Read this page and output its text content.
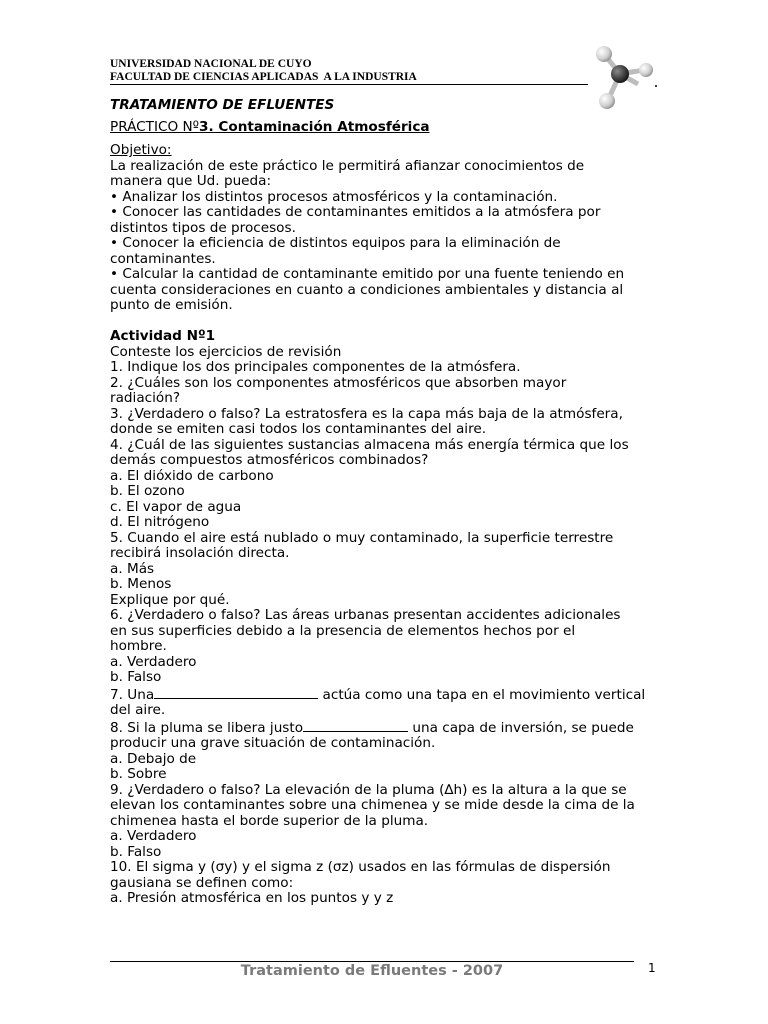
UNIVERSIDAD NACIONAL DE CUYO
FACULTAD DE CIENCIAS APLICADAS  A LA INDUSTRIA
TRATAMIENTO DE EFLUENTES
PRÁCTICO Nº3. Contaminación Atmosférica
Objetivo:
La realización de este práctico le permitirá afianzar conocimientos de
manera que Ud. pueda:
• Analizar los distintos procesos atmosféricos y la contaminación.
• Conocer las cantidades de contaminantes emitidos a la atmósfera por
distintos tipos de procesos.
• Conocer la eficiencia de distintos equipos para la eliminación de
contaminantes.
• Calcular la cantidad de contaminante emitido por una fuente teniendo en
cuenta consideraciones en cuanto a condiciones ambientales y distancia al
punto de emisión.
Actividad Nº1
Conteste los ejercicios de revisión
1. Indique los dos principales componentes de la atmósfera.
2. ¿Cuáles son los componentes atmosféricos que absorben mayor
radiación?
3. ¿Verdadero o falso? La estratosfera es la capa más baja de la atmósfera,
donde se emiten casi todos los contaminantes del aire.
4. ¿Cuál de las siguientes sustancias almacena más energía térmica que los
demás compuestos atmosféricos combinados?
a. El dióxido de carbono
b. El ozono
c. El vapor de agua
d. El nitrógeno
5. Cuando el aire está nublado o muy contaminado, la superficie terrestre
recibirá insolación directa.
a. Más
b. Menos
Explique por qué.
6. ¿Verdadero o falso? Las áreas urbanas presentan accidentes adicionales
en sus superficies debido a la presencia de elementos hechos por el
hombre.
a. Verdadero
b. Falso
7. Una	actúa como una tapa en el movimiento vertical
del aire.
8. Si la pluma se libera justo	una capa de inversión, se puede
producir una grave situación de contaminación.
a. Debajo de
b. Sobre
9. ¿Verdadero o falso? La elevación de la pluma (∆h) es la altura a la que se
elevan los contaminantes sobre una chimenea y se mide desde la cima de la
chimenea hasta el borde superior de la pluma.
a. Verdadero
b. Falso
10. El sigma y (σy) y el sigma z (σz) usados en las fórmulas de dispersión
gausiana se definen como:
a. Presión atmosférica en los puntos y y z
Tratamiento de Efluentes - 2007	1
